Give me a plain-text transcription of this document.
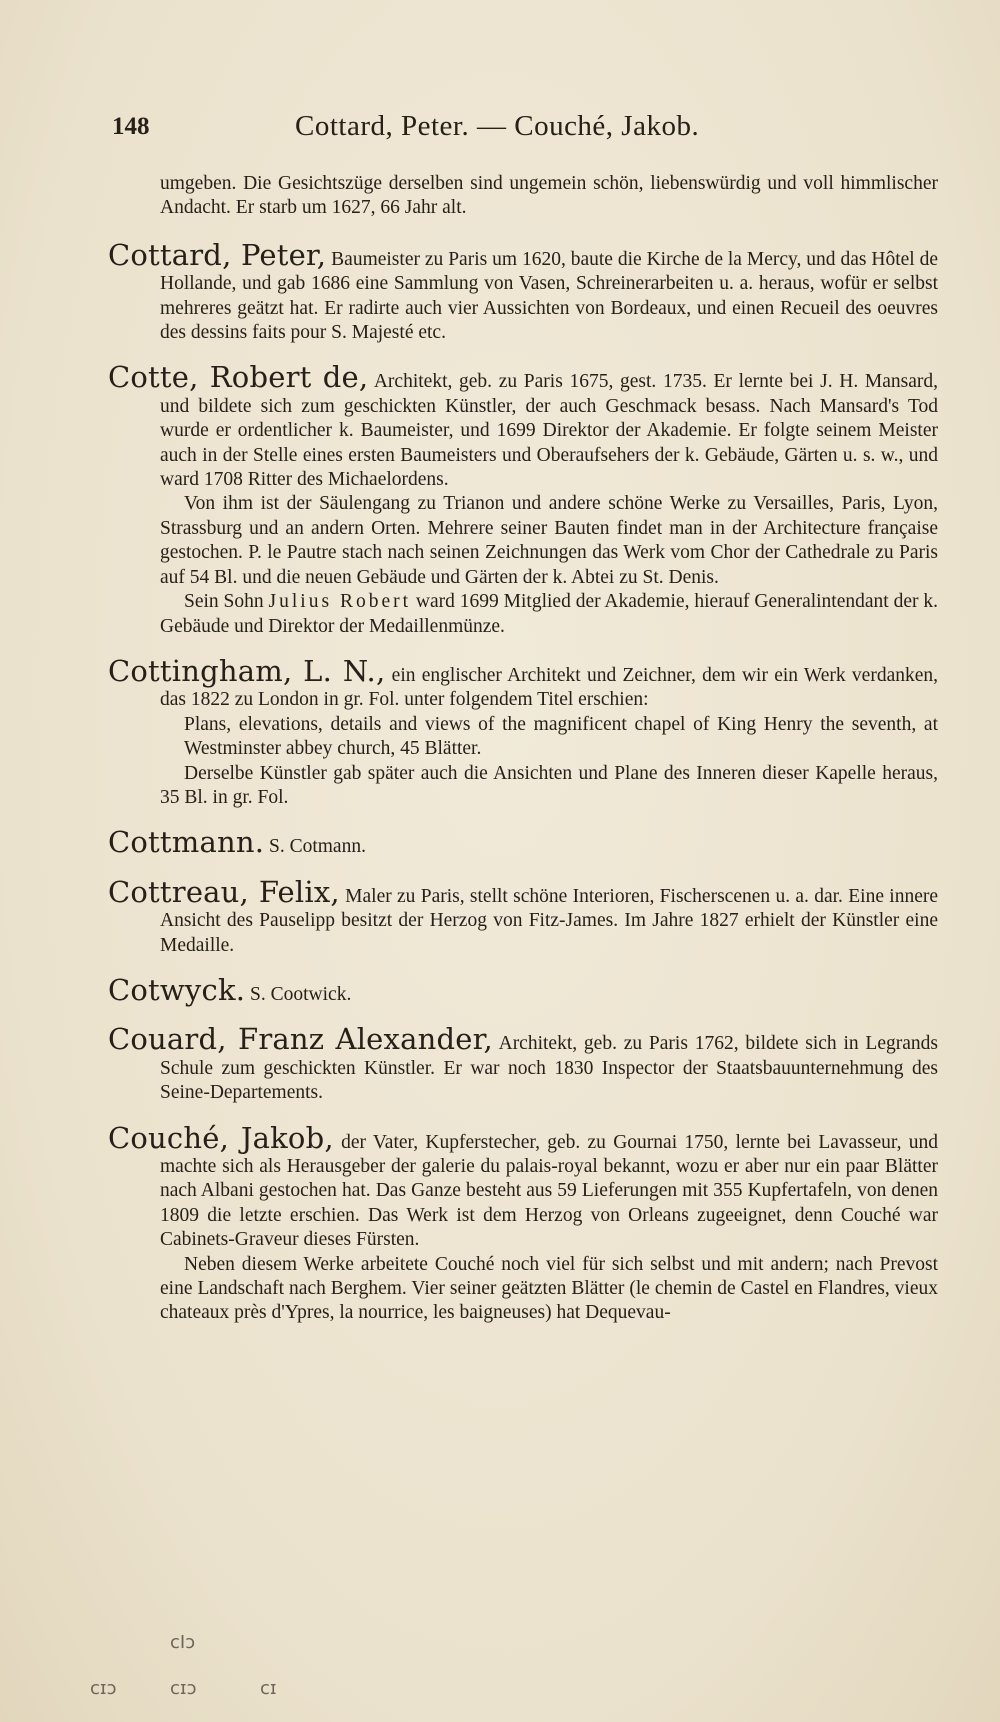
148	Cottard, Peter. — Couché, Jakob.
umgeben. Die Gesichtszüge derselben sind ungemein schön, liebenswürdig und voll himmlischer Andacht. Er starb um 1627, 66 Jahr alt.
Cottard, Peter, Baumeister zu Paris um 1620, baute die Kirche de la Mercy, und das Hôtel de Hollande, und gab 1686 eine Sammlung von Vasen, Schreinerarbeiten u. a. heraus, wofür er selbst mehreres geätzt hat. Er radirte auch vier Aussichten von Bordeaux, und einen Recueil des oeuvres des dessins faits pour S. Majesté etc.
Cotte, Robert de, Architekt, geb. zu Paris 1675, gest. 1735. Er lernte bei J. H. Mansard, und bildete sich zum geschickten Künstler, der auch Geschmack besass. Nach Mansard's Tod wurde er ordentlicher k. Baumeister, und 1699 Direktor der Akademie. Er folgte seinem Meister auch in der Stelle eines ersten Baumeisters und Oberaufsehers der k. Gebäude, Gärten u. s. w., und ward 1708 Ritter des Michaelordens.

Von ihm ist der Säulengang zu Trianon und andere schöne Werke zu Versailles, Paris, Lyon, Strassburg und an andern Orten. Mehrere seiner Bauten findet man in der Architecture française gestochen. P. le Pautre stach nach seinen Zeichnungen das Werk vom Chor der Cathedrale zu Paris auf 54 Bl. und die neuen Gebäude und Gärten der k. Abtei zu St. Denis.

Sein Sohn Julius Robert ward 1699 Mitglied der Akademie, hierauf Generalintendant der k. Gebäude und Direktor der Medaillenmünze.

Cottingham, L. N., ein englischer Architekt und Zeichner, dem wir ein Werk verdanken, das 1822 zu London in gr. Fol. unter folgendem Titel erschien:

Plans, elevations, details and views of the magnificent chapel of King Henry the seventh, at Westminster abbey church, 45 Blätter.

Derselbe Künstler gab später auch die Ansichten und Plane des Inneren dieser Kapelle heraus, 35 Bl. in gr. Fol.

Cottmann. S. Cotmann.
Cottreau, Felix, Maler zu Paris, stellt schöne Interioren, Fischerscenen u. a. dar. Eine innere Ansicht des Pauselipp besitzt der Herzog von Fitz-James. Im Jahre 1827 erhielt der Künstler eine Medaille.
Cotwyck. S. Cootwick.
Couard, Franz Alexander, Architekt, geb. zu Paris 1762, bildete sich in Legrands Schule zum geschickten Künstler. Er war noch 1830 Inspector der Staatsbauunternehmung des Seine-Departements.
Couché, Jakob, der Vater, Kupferstecher, geb. zu Gournai 1750, lernte bei Lavasseur, und machte sich als Herausgeber der galerie du palais-royal bekannt, wozu er aber nur ein paar Blätter nach Albani gestochen hat. Das Ganze besteht aus 59 Lieferungen mit 355 Kupfertafeln, von denen 1809 die letzte erschien. Das Werk ist dem Herzog von Orleans zugeeignet, denn Couché war Cabinets-Graveur dieses Fürsten.

Neben diesem Werke arbeitete Couché noch viel für sich selbst und mit andern; nach Prevost eine Landschaft nach Berghem. Vier seiner geätzten Blätter (le chemin de Castel en Flandres, vieux chateaux près d'Ypres, la nourrice, les baigneuses) hat Dequevau-

cIɔ
cɪɔ	cɪɔ	cɪ
